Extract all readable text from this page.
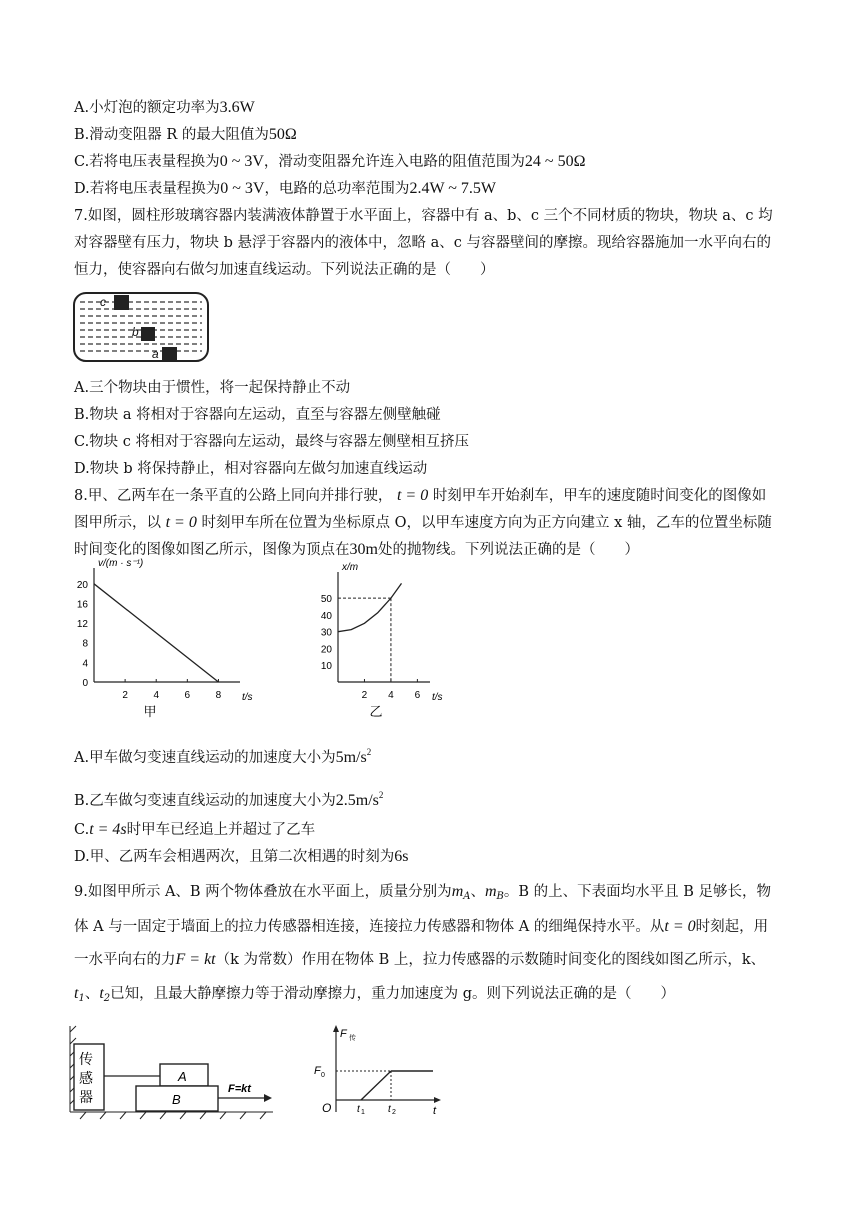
A.小灯泡的额定功率为3.6W
B.滑动变阻器 R 的最大阻值为50Ω
C.若将电压表量程换为0 ~ 3V，滑动变阻器允许连入电路的阻值范围为24 ~ 50Ω
D.若将电压表量程换为0 ~ 3V，电路的总功率范围为2.4W ~ 7.5W
7.如图，圆柱形玻璃容器内装满液体静置于水平面上，容器中有 a、b、c 三个不同材质的物块，物块 a、c 均
对容器壁有压力，物块 b 悬浮于容器内的液体中，忽略 a、c 与容器壁间的摩擦。现给容器施加一水平向右的
恒力，使容器向右做匀加速直线运动。下列说法正确的是（　　）
c
b
a
A.三个物块由于惯性，将一起保持静止不动
B.物块 a 将相对于容器向左运动，直至与容器左侧壁触碰
C.物块 c 将相对于容器向左运动，最终与容器左侧壁相互挤压
D.物块 b 将保持静止，相对容器向左做匀加速直线运动
8.甲、乙两车在一条平直的公路上同向并排行驶， t = 0 时刻甲车开始刹车，甲车的速度随时间变化的图像如
图甲所示，以 t = 0 时刻甲车所在位置为坐标原点 O，以甲车速度方向为正方向建立 x 轴，乙车的位置坐标随
时间变化的图像如图乙所示，图像为顶点在30m处的抛物线。下列说法正确的是（　　）
v/(m · s⁻¹)
t/s
0
4
8
12
16
20
2	4	6	8
甲
x/m
t/s
10
20
30
40
50
2 4 6
乙
A.甲车做匀变速直线运动的加速度大小为$5m/s^2$
B.乙车做匀变速直线运动的加速度大小为$2.5m/s^2$
C.t = 4s时甲车已经追上并超过了乙车
D.甲、乙两车会相遇两次，且第二次相遇的时刻为6s
9.如图甲所示 A、B 两个物体叠放在水平面上，质量分别为$m_A$、$m_B$。B 的上、下表面均水平且 B 足够长，物
体 A 与一固定于墙面上的拉力传感器相连接，连接拉力传感器和物体 A 的细绳保持水平。从t = 0时刻起，用
一水平向右的力F = kt（k 为常数）作用在物体 B 上，拉力传感器的示数随时间变化的图线如图乙所示，k、
$t_1$、$t_2$已知，且最大静摩擦力等于滑动摩擦力，重力加速度为 g。则下列说法正确的是（　　）
传
感
器
A
B
F=kt
F 传
F 0
O	t 1 t 2	t
